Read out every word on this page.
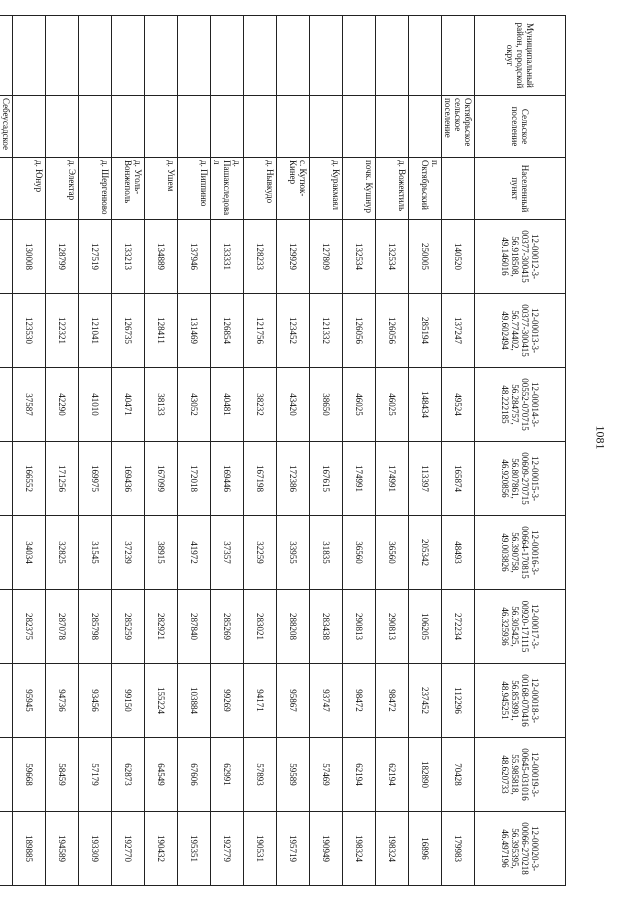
1081
Муниципальный район, городской округ	Сельское поселение	Населенный пункт	12-00012-3-00377-300415 56.918508, 49.146016	12-00013-3-00377-300415 56.774402, 49.602494	12-00014-3-00552-070715 56.284757, 48.222185	12-00015-3-00609-270715 56.807861, 46.920856	12-00016-3-00664-170815 56.390758, 49.003826	12-00017-3-00920-171115 56.305425, 46.325936	12-00018-3-00168-070416 56.853991, 48.945251	12-00019-3-00645-031016 55.985818, 48.620733	12-00020-3-00066-270218 56.395395, 46.497196
	Октябрьское сельское поселение		140520	137247	49524	165874	48493	272234	112296	70428	179983
		п. Октябрьский	250005	285194	148434	113397	205342	106205	237452	182890	16896
		д. Вожектиль	132534	126056	46025	174991	36560	290813	98472	62194	198324
		почк. Кушнур	132534	126056	46025	174991	36560	290813	98472	62194	198324
		д. Куракмаял	127809	121332	38650	167615	31835	283438	93747	57469	190949
		с. Кутюк-Кинер	129929	123452	43420	172386	33955	288208	95867	59589	195719
		д. Нывкудо	128233	121756	38232	167198	32259	283021	94171	57893	190531
		д. Пашакследовал	133331	126854	40481	169446	37357	285269	99269	62991	192779
		д. Пиппиню	137946	131469	43052	172018	41972	287840	103884	67606	195351
		д. Ушем	134889	128411	38133	167099	38915	282921	155224	64549	190432
		д. Уголь-Вонжеполь	133213	126735	40471	169436	37239	285259	99150	62873	192770
		д. Шергенюво	127519	121041	41010	169975	31545	285798	93456	57179	193309
		д. Электар	128799	122321	42290	171256	32825	287078	94736	58459	194589
		д. Юнур	130008	123530	37587	166552	34034	282375	95945	59668	189885
	Себеусадское										
